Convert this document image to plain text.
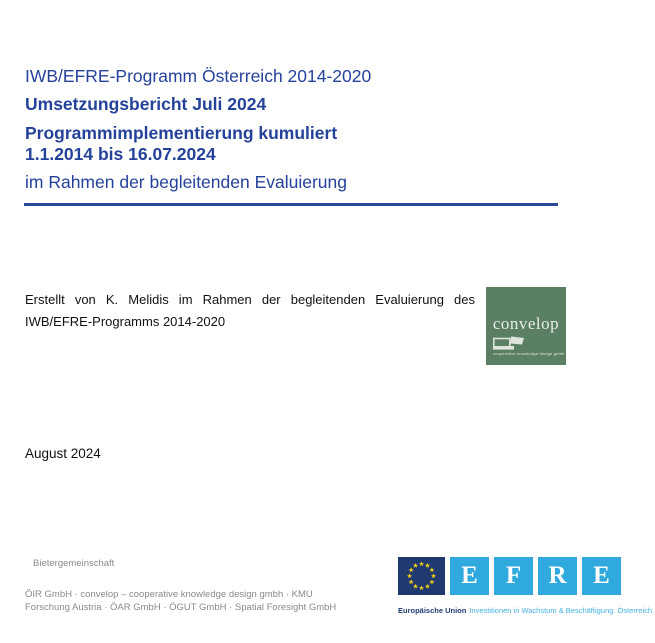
IWB/EFRE-Programm Österreich 2014-2020
Umsetzungsbericht Juli 2024
Programmimplementierung kumuliert
1.1.2014 bis 16.07.2024
im Rahmen der begleitenden Evaluierung
Erstellt von K. Melidis im Rahmen der begleitenden Evaluierung des IWB/EFRE-Programms 2014-2020	convelop
cooperative knowledge design gmbh
August 2024
Bietergemeinschaft
ÖIR GmbH · convelop – cooperative knowledge design gmbh · KMU
Forschung Austria · ÖAR GmbH · ÖGUT GmbH · Spatial Foresight GmbH
E	F	R	E
Europäische Union Investitionen in Wachstum & Beschäftigung. Österreich.
